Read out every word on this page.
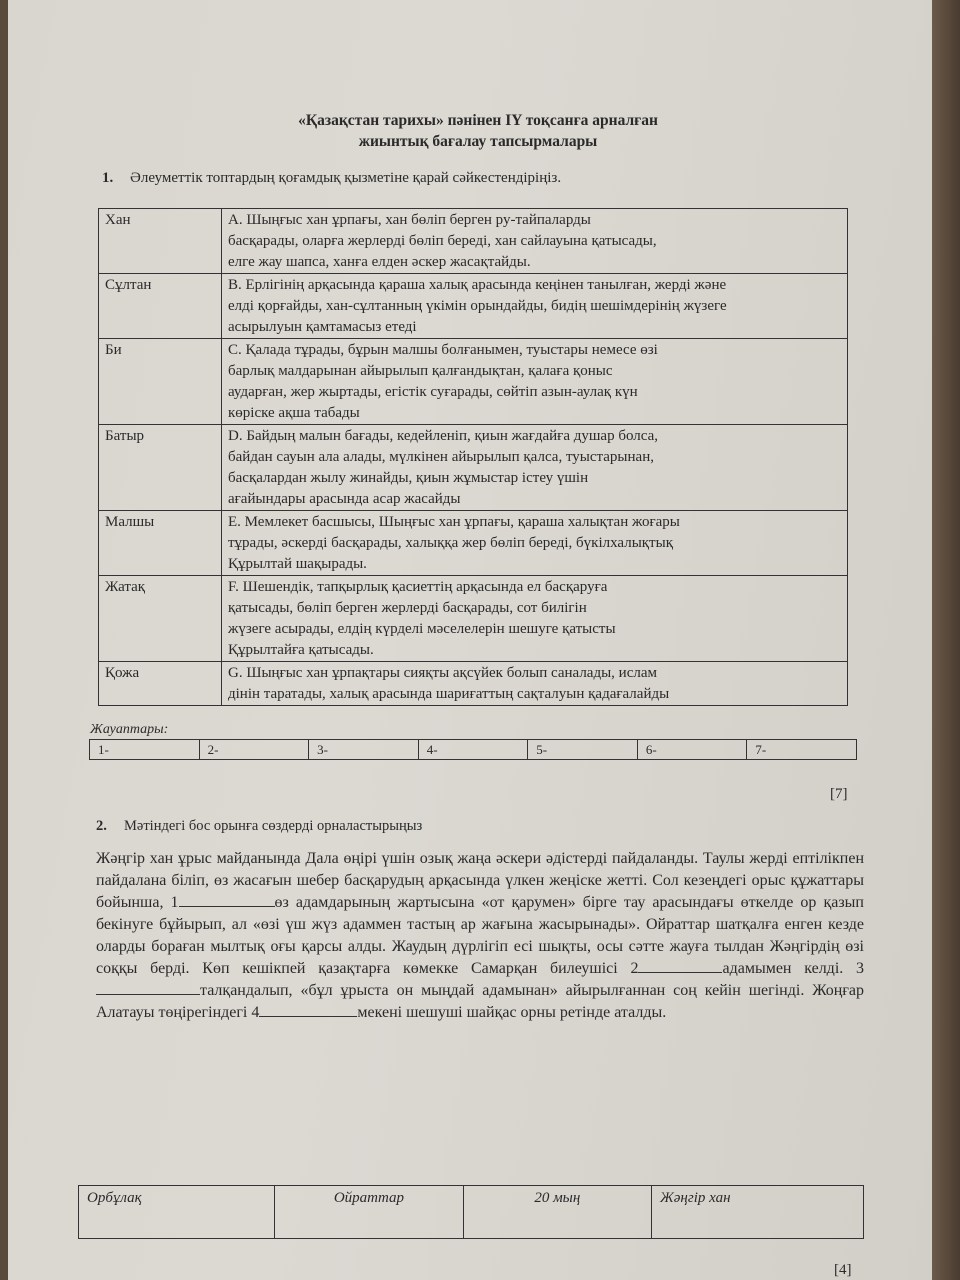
«Қазақстан тарихы» пәнінен IY тоқсанға арналған
жиынтық бағалау тапсырмалары
1. Әлеуметтік топтардың қоғамдық қызметіне қарай сәйкестендіріңіз.
Хан	A. Шыңғыс хан ұрпағы, хан бөліп берген ру-тайпаларды
басқарады, оларға жерлерді бөліп береді, хан сайлауына қатысады,
елге жау шапса, ханға елден әскер жасақтайды.

Сұлтан	B. Ерлігінің арқасында қараша халық арасында кеңінен танылған, жерді және
елді қорғайды, хан-сұлтанның үкімін орындайды, бидің шешімдерінің жүзеге
асырылуын қамтамасыз етеді

Би	C. Қалада тұрады, бұрын малшы болғанымен, туыстары немесе өзі
барлық малдарынан айырылып қалғандықтан, қалаға қоныс
аударған, жер жыртады, егістік суғарады, сөйтіп азын-аулақ күн
көріске ақша табады

Батыр	D. Байдың малын бағады, кедейленіп, қиын жағдайға душар болса,
байдан сауын ала алады, мүлкінен айырылып қалса, туыстарынан,
басқалардан жылу жинайды, қиын жұмыстар істеу үшін
ағайындары арасында асар жасайды

Малшы	E. Мемлекет басшысы, Шыңғыс хан ұрпағы, қараша халықтан жоғары
тұрады, әскерді басқарады, халыққа жер бөліп береді, бүкілхалықтық
Құрылтай шақырады.

Жатақ	F. Шешендік, тапқырлық қасиеттің арқасында ел басқаруға
қатысады, бөліп берген жерлерді басқарады, сот билігін
жүзеге асырады, елдің күрделі мәселелерін шешуге қатысты
Құрылтайға қатысады.

Қожа	G. Шыңғыс хан ұрпақтары сияқты ақсүйек болып саналады, ислам
дінін таратады, халық арасында шариғаттың сақталуын қадағалайды
Жауаптары:
1-	2-	3-	4-	5-	6-	7-
[7]
2. Мәтіндегі бос орынға сөздерді орналастырыңыз
Жәңгір хан ұрыс майданында Дала өңірі үшін озық жаңа әскери әдістерді пайдаланды. Таулы жерді ептілікпен пайдалана біліп, өз жасағын шебер басқарудың арқасында үлкен жеңіске жетті. Сол кезеңдегі орыс құжаттары бойынша, 1	өз адамдарының жартысына «от қарумен» бірге тау арасындағы өткелде ор қазып бекінуге бұйырып, ал «өзі үш жүз адаммен тастың ар жағына жасырынады». Ойраттар шатқалға енген кезде оларды бораған мылтық оғы қарсы алды. Жаудың дүрлігіп есі шықты, осы сәтте жауға тылдан Жәңгірдің өзі соққы берді. Көп кешікпей қазақтарға көмекке Самарқан билеушісі 2	адамымен келді. 3талқандалып, «бұл ұрыста он мыңдай адамынан» айырылғаннан соң кейін шегінді. Жоңғар Алатауы төңірегіндегі 4	мекені шешуші шайқас орны ретінде аталды.
Орбұлақ	Ойраттар	20 мың	Жәңгір хан
[4]
